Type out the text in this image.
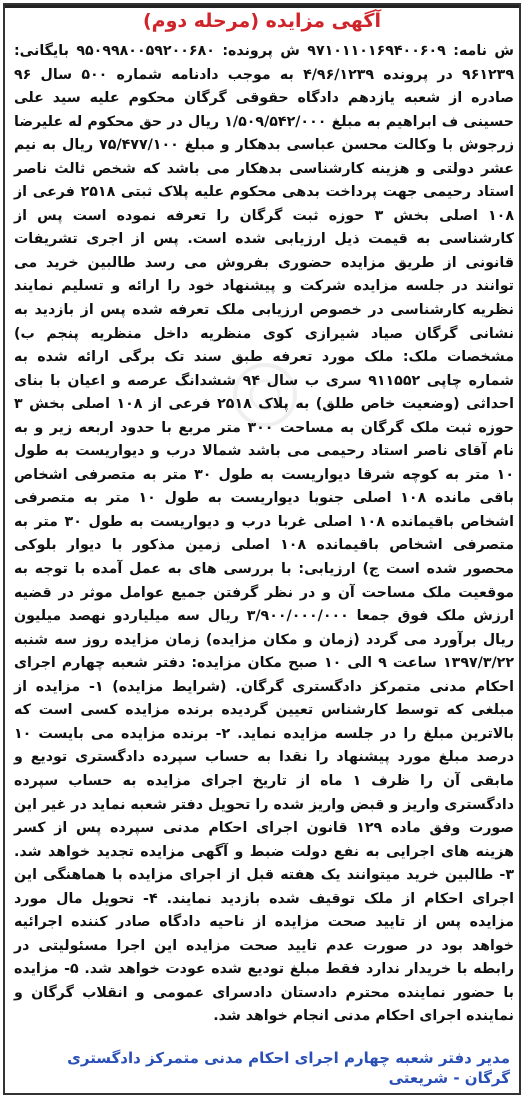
آگهی مزایده (مرحله دوم)

ش نامه: ۹۷۱۰۱۱۰۱۶۹۴۰۰۶۰۹ ش پرونده: ۹۵۰۹۹۸۰۰۵۹۲۰۰۶۸۰ بایگانی: ۹۶۱۲۳۹ در پرونده ۴/۹۶/۱۲۳۹ به موجب دادنامه شماره ۵۰۰ سال ۹۶ صادره از شعبه یازدهم دادگاه حقوقی گرگان محکوم علیه سید علی حسینی ف ابراهیم به مبلغ ۱/۵۰۹/۵۴۲/۰۰۰ ریال در حق محکوم له علیرضا زرجوش با وکالت محسن عباسی بدهکار و مبلغ ۷۵/۴۷۷/۱۰۰ ریال به نیم عشر دولتی و هزینه کارشناسی بدهکار می باشد که شخص ثالث ناصر استاد رحیمی جهت پرداخت بدهی محکوم علیه پلاک ثبتی ۲۵۱۸ فرعی از ۱۰۸ اصلی بخش ۳ حوزه ثبت گرگان را تعرفه نموده است پس از کارشناسی به قیمت ذیل ارزیابی شده است. پس از اجری تشریفات قانونی از طریق مزایده حضوری بفروش می رسد طالبین خرید می توانند در جلسه مزایده شرکت و پیشنهاد خود را ارائه و تسلیم نمایند نظریه کارشناسی در خصوص ارزیابی ملک تعرفه شده پس از بازدید به نشانی گرگان صیاد شیرازی کوی منظریه داخل منظریه پنجم ب) مشخصات ملک: ملک مورد تعرفه طبق سند تک برگی ارائه شده به شماره چاپی ۹۱۱۵۵۲ سری ب سال ۹۴ ششدانگ عرصه و اعیان با بنای احداثی (وضعیت خاص طلق) به پلاک ۲۵۱۸ فرعی از ۱۰۸ اصلی بخش ۳ حوزه ثبت ملک گرگان به مساحت ۳۰۰ متر مربع با حدود اربعه زیر و به نام آقای ناصر استاد رحیمی می باشد شمالا درب و دیواریست به طول ۱۰ متر به کوچه شرقا دیواریست به طول ۳۰ متر به متصرفی اشخاص باقی مانده ۱۰۸ اصلی جنوبا دیواریست به طول ۱۰ متر به متصرفی اشخاص باقیمانده ۱۰۸ اصلی غربا درب و دیواریست به طول ۳۰ متر به متصرفی اشخاص باقیمانده ۱۰۸ اصلی زمین مذکور با دیوار بلوکی محصور شده است ج) ارزیابی: با بررسی های به عمل آمده با توجه به موقعیت ملک مساحت آن و در نظر گرفتن جمیع عوامل موثر در قضیه ارزش ملک فوق جمعا ۳/۹۰۰/۰۰۰/۰۰۰ ریال سه میلیاردو نهصد میلیون ریال برآورد می گردد (زمان و مکان مزایده) زمان مزایده روز سه شنبه ۱۳۹۷/۳/۲۲ ساعت ۹ الی ۱۰ صبح مکان مزایده: دفتر شعبه چهارم اجرای احکام مدنی متمرکز دادگستری گرگان. (شرایط مزایده) ۱- مزایده از مبلغی که توسط کارشناس تعیین گردیده برنده مزایده کسی است که بالاترین مبلغ را در جلسه مزایده نماید. ۲- برنده مزایده می بایست ۱۰ درصد مبلغ مورد پیشنهاد را نقدا به حساب سپرده دادگستری تودیع و مابقی آن را ظرف ۱ ماه از تاریخ اجرای مزایده به حساب سپرده دادگستری واریز و قبض واریز شده را تحویل دفتر شعبه نماید در غیر این صورت وفق ماده ۱۲۹ قانون اجرای احکام مدنی سپرده پس از کسر هزینه های اجرایی به نفع دولت ضبط و آگهی مزایده تجدید خواهد شد. ۳- طالبین خرید میتوانند یک هفته قبل از اجرای مزایده با هماهنگی این اجرای احکام از ملک توقیف شده بازدید نمایند. ۴- تحویل مال مورد مزایده پس از تایید صحت مزایده از ناحیه دادگاه صادر کننده اجرائیه خواهد بود در صورت عدم تایید صحت مزایده این اجرا مسئولیتی در رابطه با خریدار ندارد فقط مبلغ تودیع شده عودت خواهد شد. ۵- مزایده با حضور نماینده محترم دادستان دادسرای عمومی و انقلاب گرگان و نماینده اجرای احکام مدنی انجام خواهد شد.

مدیر دفتر شعبه چهارم اجرای احکام مدنی متمرکز دادگستری
گرگان - شریعتی
